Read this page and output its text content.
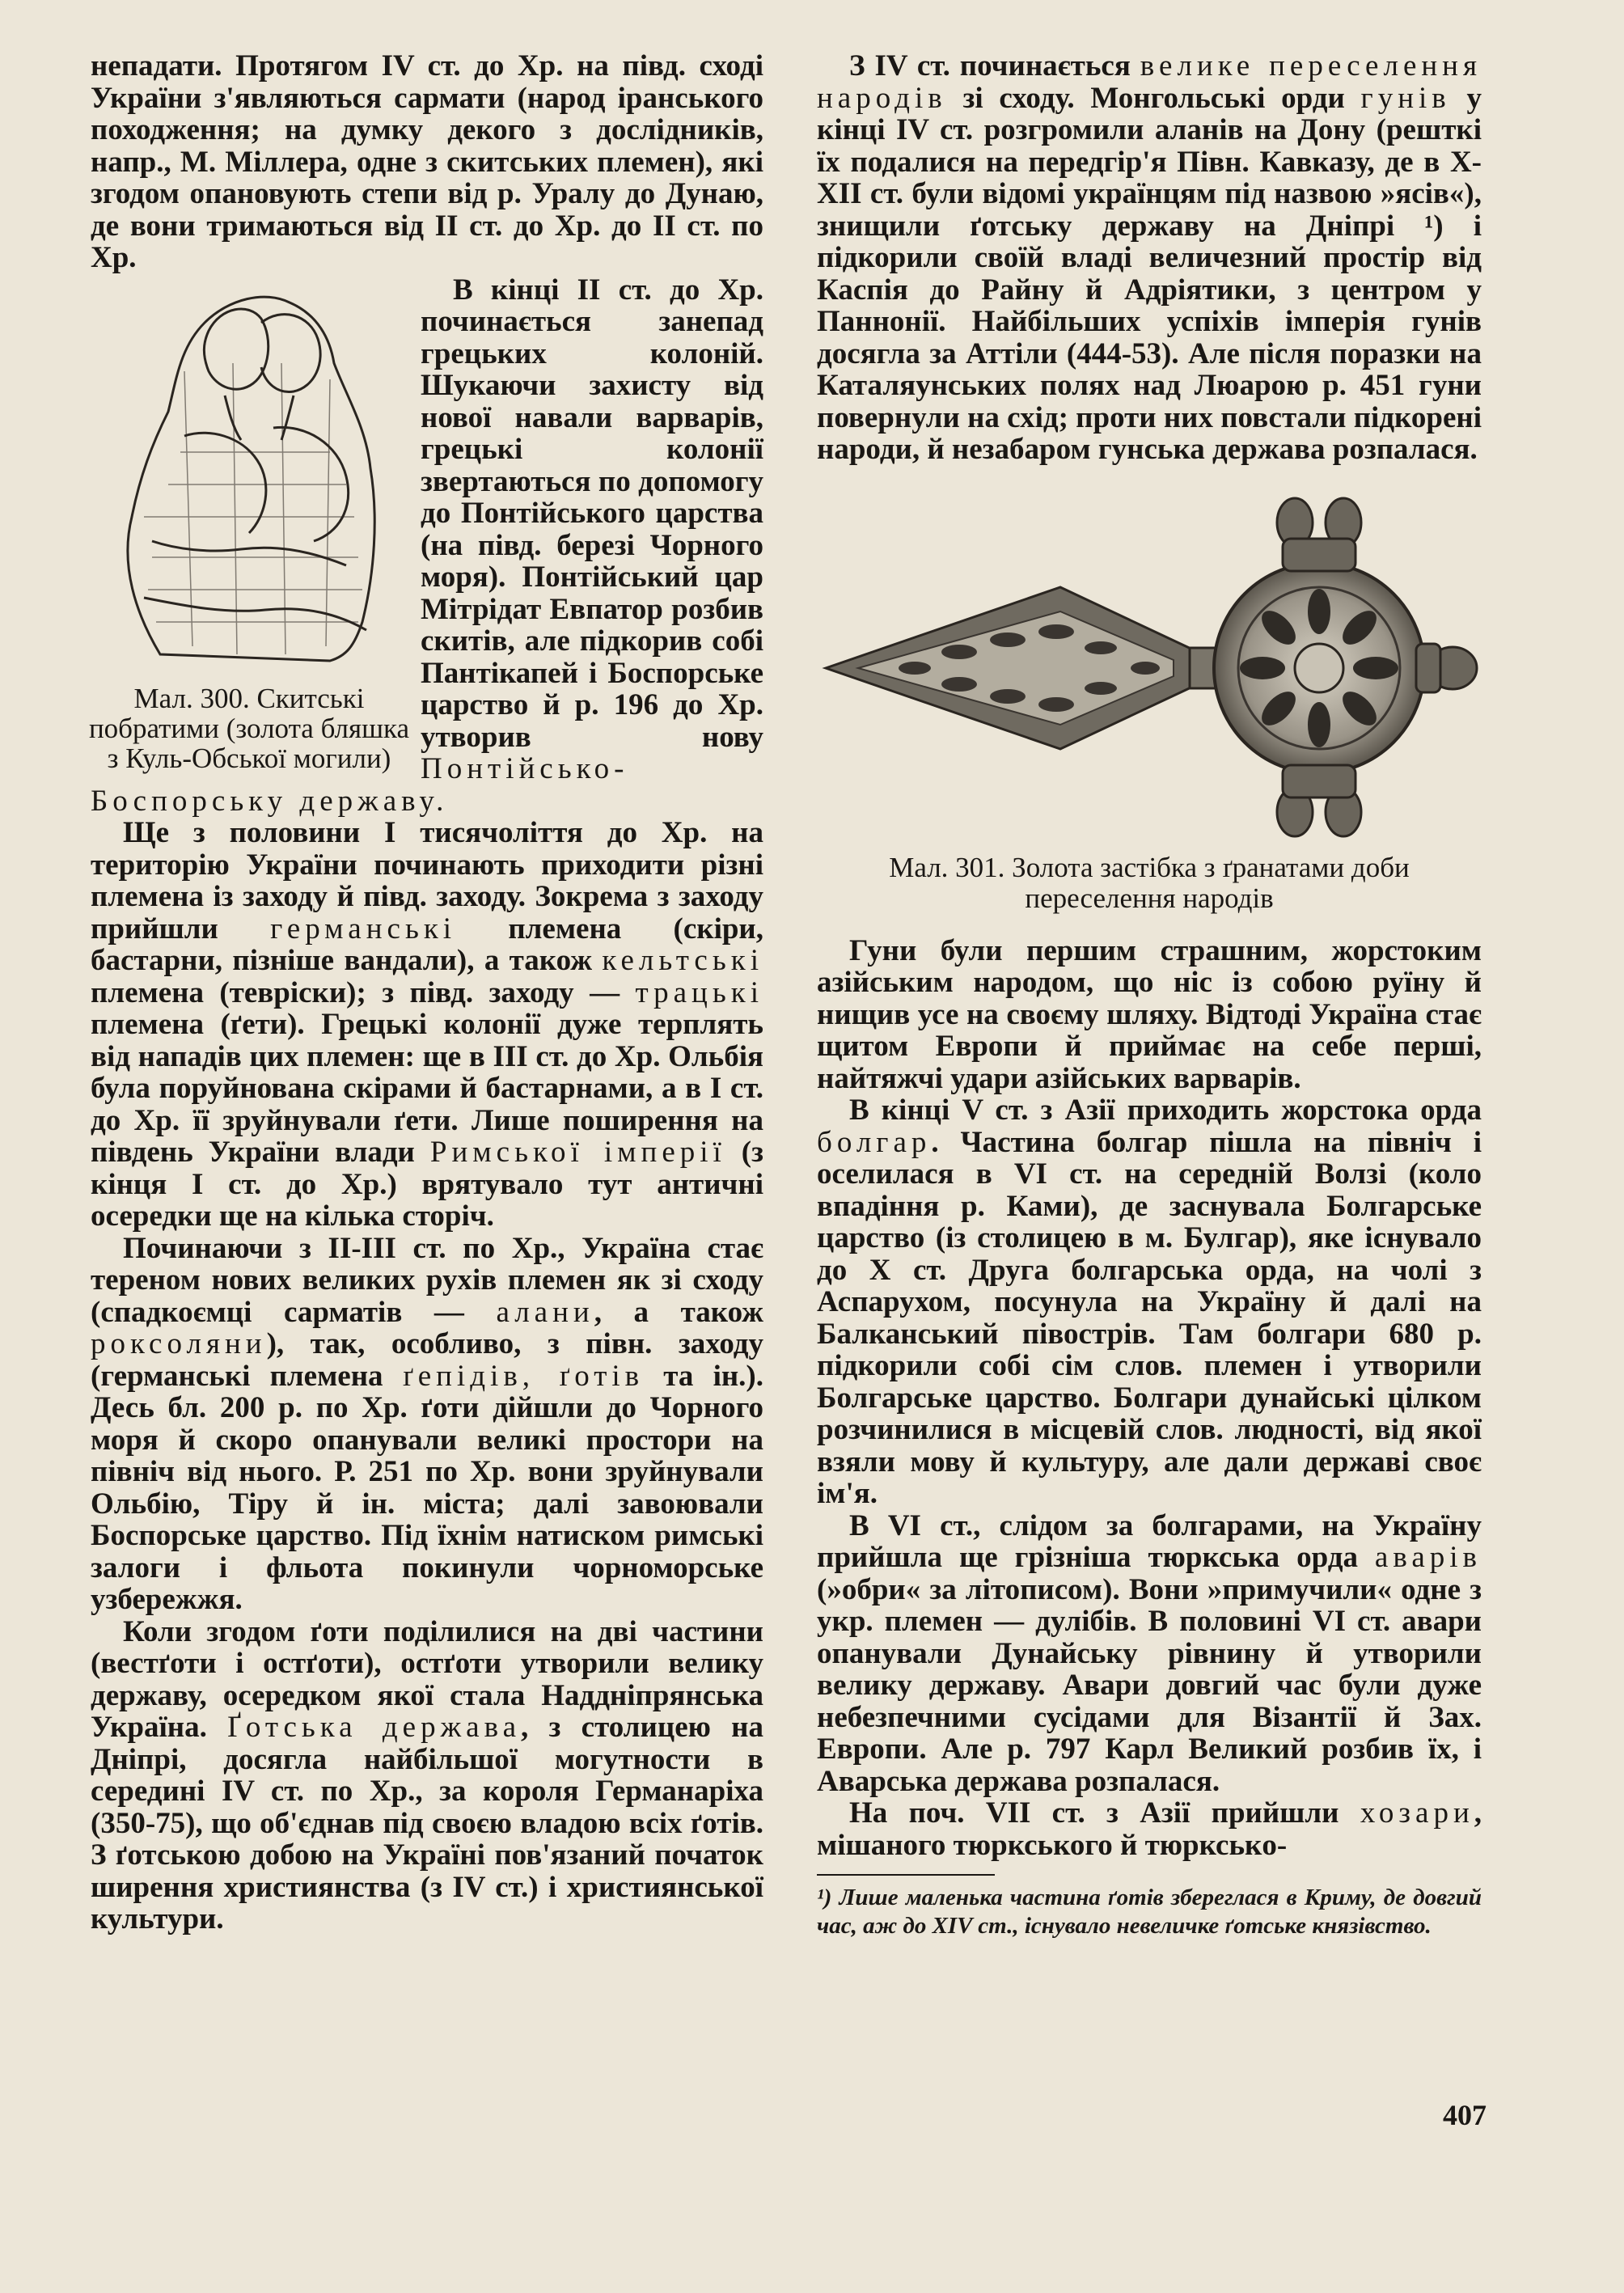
непадати. Протягом IV ст. до Хр. на півд. сході України з'являються сармати (народ іранського походження; на думку декого з дослідників, напр., М. Міллера, одне з скитських племен), які згодом опановують степи від р. Уралу до Дунаю, де вони тримаються від II ст. до Хр. до II ст. по Хр.

Мал. 300. Скитські побратими (золота бляшка з Куль-Обської могили)

В кінці II ст. до Хр. починається занепад грецьких колоній. Шукаючи захисту від нової навали варварів, грецькі колонії звертаються по допомогу до Понтійського царства (на півд. березі Чорного моря). Понтійський цар Мітрідат Евпатор розбив скитів, але підкорив собі Пантікапей і Боспорське царство й р. 196 до Хр. утворив нову Понтійсько-Боспорську державу.

Ще з половини I тисячоліття до Хр. на територію України починають приходити різні племена із заходу й півд. заходу. Зокрема з заходу прийшли германські племена (скіри, бастарни, пізніше вандали), а також кельтські племена (тевріски); з півд. заходу — трацькі племена (ґети). Грецькі колонії дуже терплять від нападів цих племен: ще в III ст. до Хр. Ольбія була поруйнована скірами й бастарнами, а в I ст. до Хр. її зруйнували ґети. Лише поширення на південь України влади Римської імперії (з кінця I ст. до Хр.) врятувало тут античні осередки ще на кілька сторіч.

Починаючи з II-III ст. по Хр., Україна стає тереном нових великих рухів племен як зі сходу (спадкоємці сарматів — алани, а також роксоляни), так, особливо, з півн. заходу (германські племена ґепідів, ґотів та ін.). Десь бл. 200 р. по Хр. ґоти дійшли до Чорного моря й скоро опанували великі простори на північ від нього. Р. 251 по Хр. вони зруйнували Ольбію, Тіру й ін. міста; далі завоювали Боспорське царство. Під їхнім натиском римські залоги і фльота покинули чорноморське узбережжя.

Коли згодом ґоти поділилися на дві частини (вестґоти і остґоти), остґоти утворили велику державу, осередком якої стала Наддніпрянська Україна. Ґотська держава, з столицею на Дніпрі, досягла найбільшої могутности в середині IV ст. по Хр., за короля Германаріха (350-75), що об'єднав під своєю владою всіх ґотів. З ґотською добою на Україні пов'язаний початок ширення християнства (з IV ст.) і християнської культури.

З IV ст. починається велике переселення народів зі сходу. Монгольські орди гунів у кінці IV ст. розгромили аланів на Дону (решткі їх подалися на передгір'я Півн. Кавказу, де в X-XII ст. були відомі українцям під назвою »ясів«), знищили ґотську державу на Дніпрі ¹) і підкорили своїй владі величезний простір від Каспія до Райну й Адріятики, з центром у Паннонії. Найбільших успіхів імперія гунів досягла за Аттіли (444-53). Але після поразки на Каталяунських полях над Люарою р. 451 гуни повернули на схід; проти них повстали підкорені народи, й незабаром гунська держава розпалася.

Мал. 301. Золота застібка з ґранатами доби переселення народів

Гуни були першим страшним, жорстоким азійським народом, що ніс із собою руїну й нищив усе на своєму шляху. Відтоді Україна стає щитом Европи й приймає на себе перші, найтяжчі удари азійських варварів.

В кінці V ст. з Азії приходить жорстока орда болгар. Частина болгар пішла на північ і оселилася в VI ст. на середній Волзі (коло впадіння р. Ками), де заснувала Болгарське царство (із столицею в м. Булгар), яке існувало до X ст. Друга болгарська орда, на чолі з Аспарухом, посунула на Україну й далі на Балканський півострів. Там болгари 680 р. підкорили собі сім слов. племен і утворили Болгарське царство. Болгари дунайські цілком розчинилися в місцевій слов. людності, від якої взяли мову й культуру, але дали державі своє ім'я.

В VI ст., слідом за болгарами, на Україну прийшла ще грізніша тюркська орда аварів (»обри« за літописом). Вони »примучили« одне з укр. племен — дулібів. В половині VI ст. авари опанували Дунайську рівнину й утворили велику державу. Авари довгий час були дуже небезпечними сусідами для Візантії й Зах. Европи. Але р. 797 Карл Великий розбив їх, і Аварська держава розпалася.

На поч. VII ст. з Азії прийшли хозари, мішаного тюркського й тюркськo-

¹) Лише маленька частина ґотів збереглася в Криму, де довгий час, аж до XIV ст., існувало невеличке ґотське князівство.

407
